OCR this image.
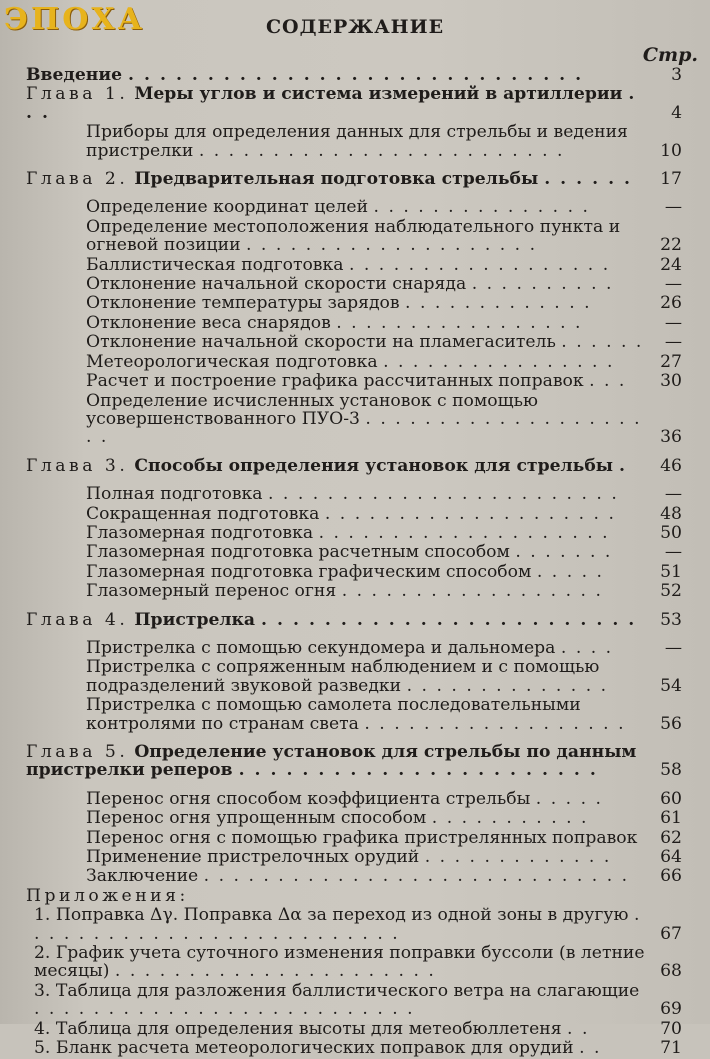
ЭПОХА	СОДЕРЖАНИЕ
Стр.
Введение . . . . . . . . . . . . . . . . . . . . . . . . . . . . .	3
Глава 1. Меры углов и система измерений в артиллерии . . .	4
Приборы для определения данных для стрельбы и ведения пристрелки . . . . . . . . . . . . . . . . . . . . . . . . .	10
Глава 2. Предварительная подготовка стрельбы . . . . . .	17
Определение координат целей . . . . . . . . . . . . . . .	—
Определение местоположения наблюдательного пункта и огневой позиции . . . . . . . . . . . . . . . . . . . .	22
Баллистическая подготовка . . . . . . . . . . . . . . . . . .	24
Отклонение начальной скорости снаряда . . . . . . . . . .	—
Отклонение температуры зарядов . . . . . . . . . . . . .	26
Отклонение веса снарядов . . . . . . . . . . . . . . . . .	—
Отклонение начальной скорости на пламегаситель . . . . . .	—
Метеорологическая подготовка . . . . . . . . . . . . . . . .	27
Расчет и построение графика рассчитанных поправок . . .	30
Определение исчисленных установок с помощью усовершенствованного ПУО-3 . . . . . . . . . . . . . . . . . . . . .	36
Глава 3. Способы определения установок для стрельбы .	46
Полная подготовка . . . . . . . . . . . . . . . . . . . . . . . .	—
Сокращенная подготовка . . . . . . . . . . . . . . . . . . . .	48
Глазомерная подготовка . . . . . . . . . . . . . . . . . . . .	50
Глазомерная подготовка расчетным способом . . . . . . .	—
Глазомерная подготовка графическим способом . . . . .	51
Глазомерный перенос огня . . . . . . . . . . . . . . . . . .	52
Глава 4. Пристрелка . . . . . . . . . . . . . . . . . . . . . . . .	53
Пристрелка с помощью секундомера и дальномера . . . .	—
Пристрелка с сопряженным наблюдением и с помощью подразделений звуковой разведки . . . . . . . . . . . . . .	54
Пристрелка с помощью самолета последовательными контролями по странам света . . . . . . . . . . . . . . . . . .	56
Глава 5. Определение установок для стрельбы по данным пристрелки реперов . . . . . . . . . . . . . . . . . . . . . . .	58
Перенос огня способом коэффициента стрельбы . . . . .	60
Перенос огня упрощенным способом . . . . . . . . . . .	61
Перенос огня с помощью графика пристрелянных поправок	62
Применение пристрелочных орудий . . . . . . . . . . . . .	64
Заключение . . . . . . . . . . . . . . . . . . . . . . . . . . . . .	66
Приложения:
1. Поправка Δγ. Поправка Δα за переход из одной зоны в другую . . . . . . . . . . . . . . . . . . . . . . . . . .	67
2. График учета суточного изменения поправки буссоли (в летние месяцы) . . . . . . . . . . . . . . . . . . . . . .	68
3. Таблица для разложения баллистического ветра на слагающие . . . . . . . . . . . . . . . . . . . . . . . . . .	69
4. Таблица для определения высоты для метеобюллетеня . .	70
5. Бланк расчета метеорологических поправок для орудий . .	71
